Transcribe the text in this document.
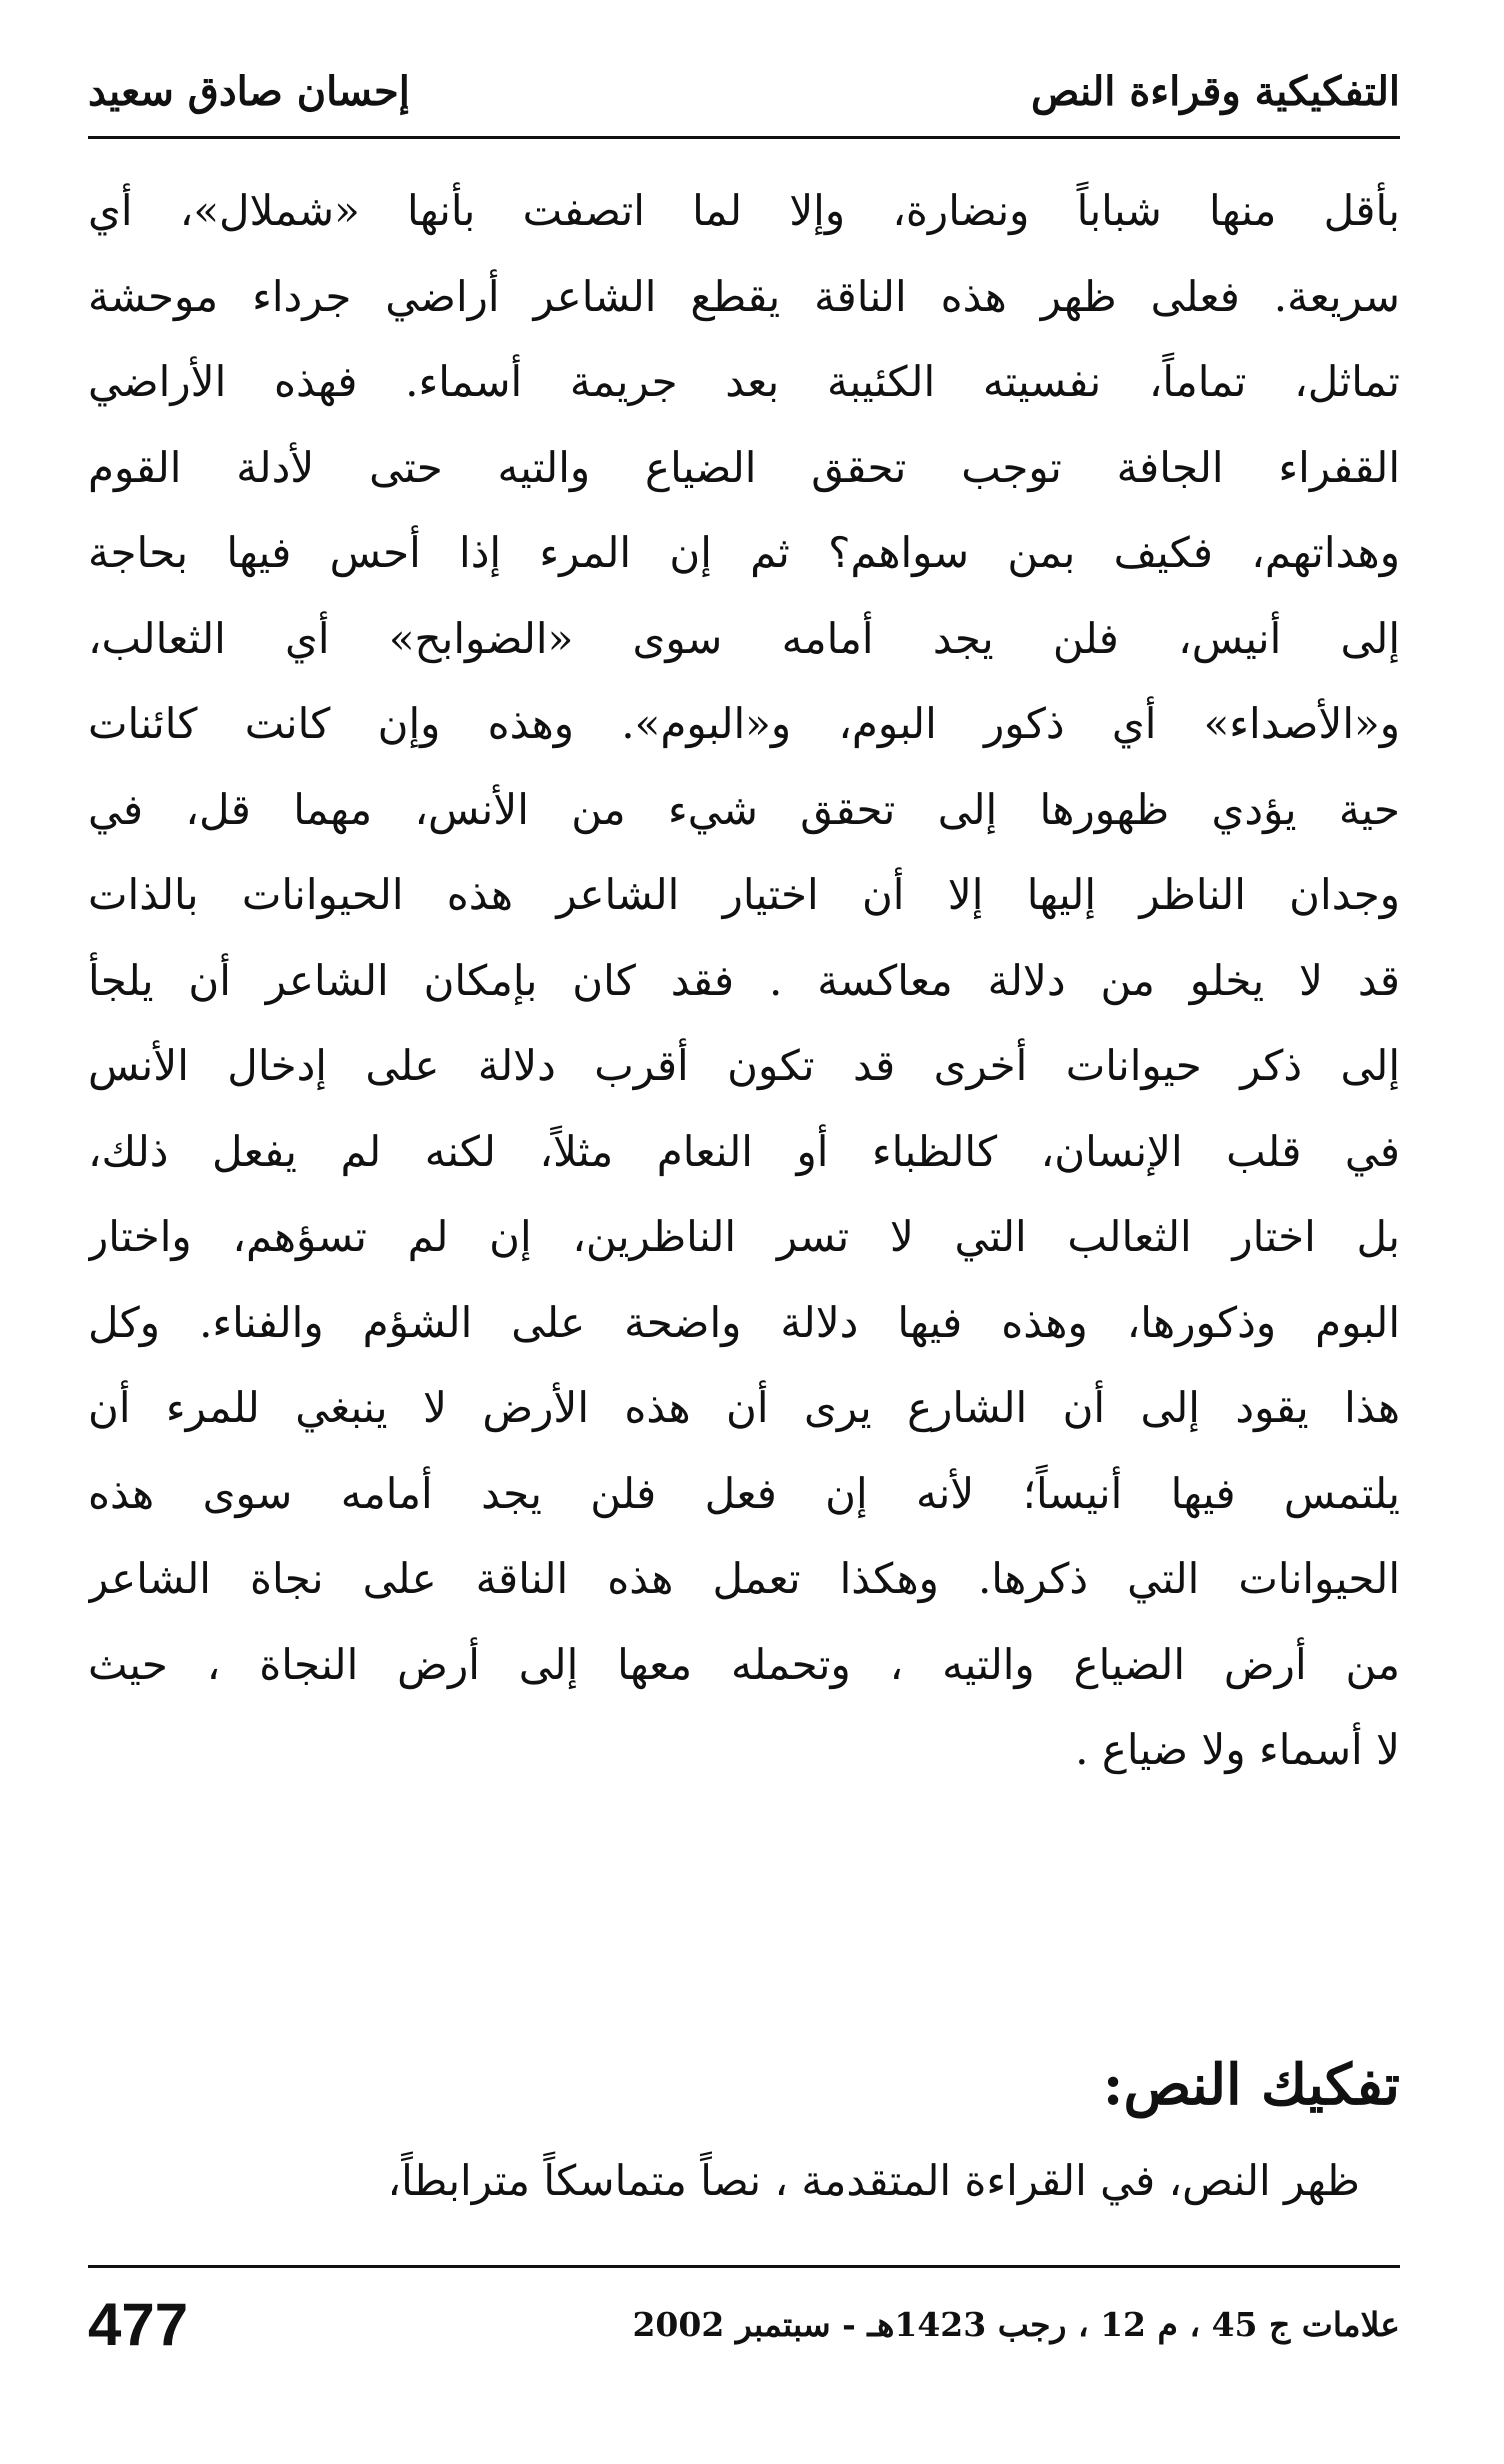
التفكيكية وقراءة النص
إحسان صادق سعيد
بأقل منها شباباً ونضارة، وإلا لما اتصفت بأنها «شملال»، أي
سريعة. فعلى ظهر هذه الناقة يقطع الشاعر أراضي جرداء موحشة
تماثل، تماماً، نفسيته الكئيبة بعد جريمة أسماء. فهذه الأراضي
القفراء الجافة توجب تحقق الضياع والتيه حتى لأدلة القوم
وهداتهم، فكيف بمن سواهم؟ ثم إن المرء إذا أحس فيها بحاجة
إلى أنيس، فلن يجد أمامه سوى «الضوابح» أي الثعالب،
و«الأصداء» أي ذكور البوم، و«البوم». وهذه وإن كانت كائنات
حية يؤدي ظهورها إلى تحقق شيء من الأنس، مهما قل، في
وجدان الناظر إليها إلا أن اختيار الشاعر هذه الحيوانات بالذات
قد لا يخلو من دلالة معاكسة . فقد كان بإمكان الشاعر أن يلجأ
إلى ذكر حيوانات أخرى قد تكون أقرب دلالة على إدخال الأنس
في قلب الإنسان، كالظباء أو النعام مثلاً، لكنه لم يفعل ذلك،
بل اختار الثعالب التي لا تسر الناظرين، إن لم تسؤهم، واختار
البوم وذكورها، وهذه فيها دلالة واضحة على الشؤم والفناء. وكل
هذا يقود إلى أن الشارع يرى أن هذه الأرض لا ينبغي للمرء أن
يلتمس فيها أنيساً؛ لأنه إن فعل فلن يجد أمامه سوى هذه
الحيوانات التي ذكرها. وهكذا تعمل هذه الناقة على نجاة الشاعر
من أرض الضياع والتيه ، وتحمله معها إلى أرض النجاة ، حيث
لا أسماء ولا ضياع .
تفكيك النص:
ظهر النص، في القراءة المتقدمة ، نصاً متماسكاً مترابطاً،
477	علامات ج 45 ، م 12 ، رجب 1423هـ - سبتمبر 2002
